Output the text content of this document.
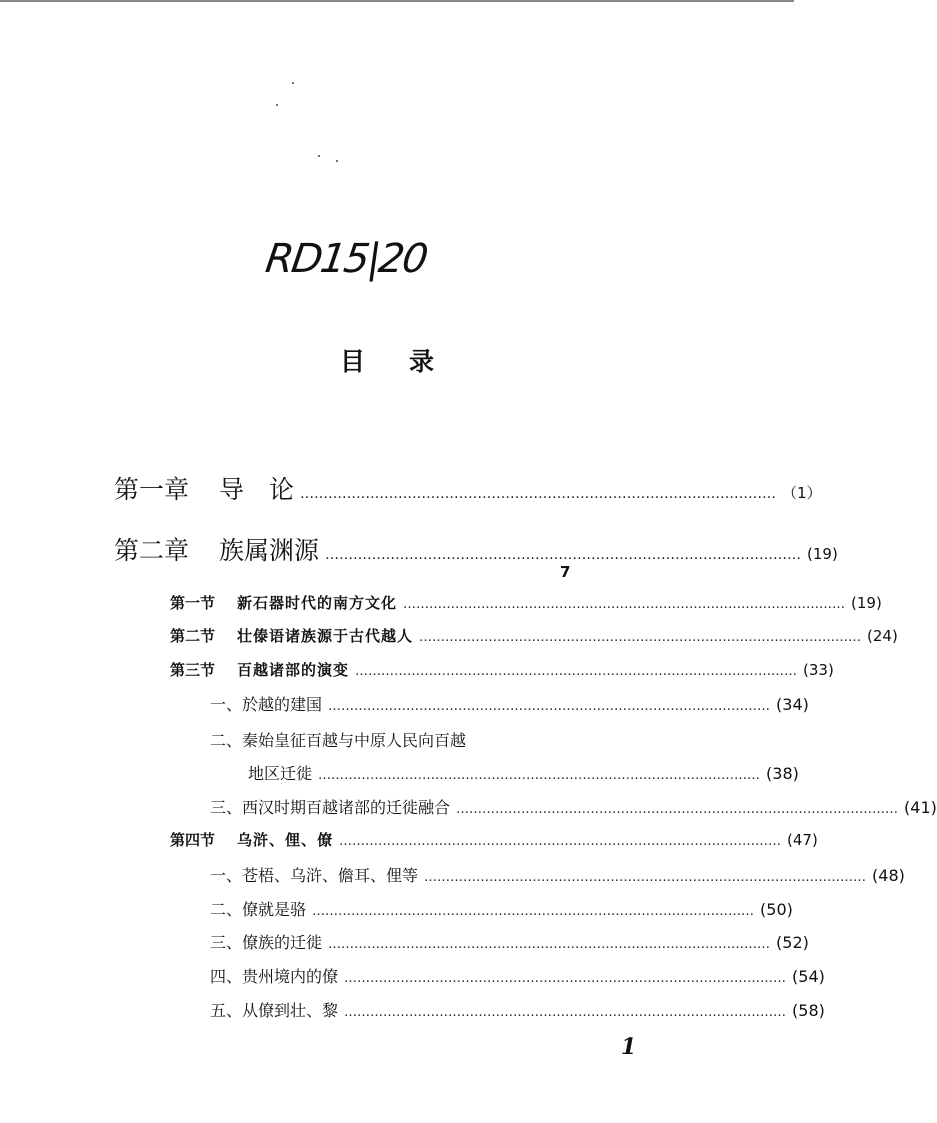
RD15|20
目 录
第一章 导　论 ………………………………………………………………………………………… （1）
第二章 族属渊源 ………………………………………………………………………………………… (19)
7
第一节 新石器时代的南方文化 ………………………………………………………………………………………… (19)
第二节 壮傣语诸族源于古代越人 ………………………………………………………………………………………… (24)
第三节 百越诸部的演变 ………………………………………………………………………………………… (33)
一、於越的建国 ………………………………………………………………………………………… (34)
二、秦始皇征百越与中原人民向百越
地区迁徙 ………………………………………………………………………………………… (38)
三、西汉时期百越诸部的迁徙融合 ………………………………………………………………………………………… (41)
第四节 乌浒、俚、僚 ………………………………………………………………………………………… (47)
一、苍梧、乌浒、儋耳、俚等 ………………………………………………………………………………………… (48)
二、僚就是骆 ………………………………………………………………………………………… (50)
三、僚族的迁徙 ………………………………………………………………………………………… (52)
四、贵州境内的僚 ………………………………………………………………………………………… (54)
五、从僚到壮、黎 ………………………………………………………………………………………… (58)
1
